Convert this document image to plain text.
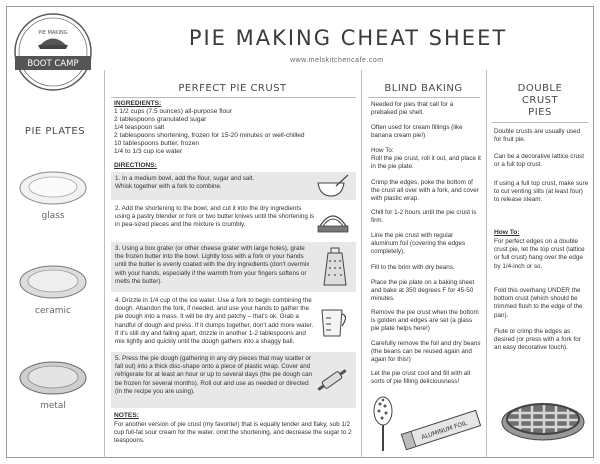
BOOT CAMP
PIE MAKING	PIE MAKING CHEAT SHEET
www.melskitchencafe.com
PIE PLATES
glass
ceramic
metal
PERFECT PIE CRUST
INGREDIENTS:
1 1/2 cups (7.5 ounces) all-purpose flour
2 tablespoons granulated sugar
1/4 teaspoon salt
2 tablespoons shortening, frozen for 15-20 minutes or well-chilled
10 tablespoons butter, frozen
1/4 to 1/3 cup ice water
DIRECTIONS:
1. In a medium bowl, add the flour, sugar and salt.
Whisk together with a fork to combine.
2. Add the shortening to the bowl, and cut it into the dry ingredients using a pastry blender or fork or two butter knives until the shortening is in pea-sized pieces and the mixture is crumbly.
3. Using a box grater (or other cheese grater with large holes), grate the frozen butter into the bowl. Lightly toss with a fork or your hands until the butter is evenly coated with the dry ingredients (don't overmix with your hands, especially if the warmth from your fingers softens or melts the butter).
4. Drizzle in 1/4 cup of the ice water. Use a fork to begin combining the dough. Abandon the fork, if needed, and use your hands to gather the pie dough into a mass. It will be dry and patchy – that's ok. Grab a handful of dough and press. If it clumps together, don't add more water. If it's still dry and falling apart, drizzle in another 1-2 tablespoons and mix lightly and quickly until the dough gathers into a shaggy ball.
5. Press the pie dough (gathering in any dry pieces that may scatter or fall out) into a thick disc-shape onto a piece of plastic wrap. Cover and refrigerate for at least an hour or up to several days (the pie dough can be frozen for several months). Roll out and use as needed or directed (in the recipe you are using).
NOTES:
For another version of pie crust (my favorite!) that is equally tender and flaky, sub 1/2 cup full-fat sour cream for the water, omit the shortening, and decrease the sugar to 2 teaspoons.
BLIND BAKING
Needed for pies that call for a prebaked pie shell.
Often used for cream fillings (like banana cream pie!)
How To:
Roll the pie crust, roll it out, and place it in the pie plate.
Crimp the edges, poke the bottom of the crust all over with a fork, and cover with plastic wrap.
Chill for 1-2 hours until the pie crust is firm.
Line the pie crust with regular aluminum foil (covering the edges completely).
Fill to the brim with dry beans.
Place the pie plate on a baking sheet and bake at 350 degrees F for 45-50 minutes.
Remove the pie crust when the bottom is golden and edges are set (a glass pie plate helps here!)
Carefully remove the foil and dry beans (the beans can be reused again and again for this!)
Let the pie crust cool and fill with all sorts of pie filling deliciousness!
ALUMINUM FOIL
DOUBLE
CRUST
PIES
Double crusts are usually used for fruit pie.
Can be a decorative lattice crust or a full top crust.
If using a full top crust, make sure to cut venting slits (at least four) to release steam.
How To:
For perfect edges on a double crust pie, let the top crust (lattice or full crust) hang over the edge by 1/4-inch or so.
Fold this overhang UNDER the bottom crust (which should be trimmed flush to the edge of the pan).
Flute or crimp the edges as desired (or press with a fork for an easy decorative touch).
